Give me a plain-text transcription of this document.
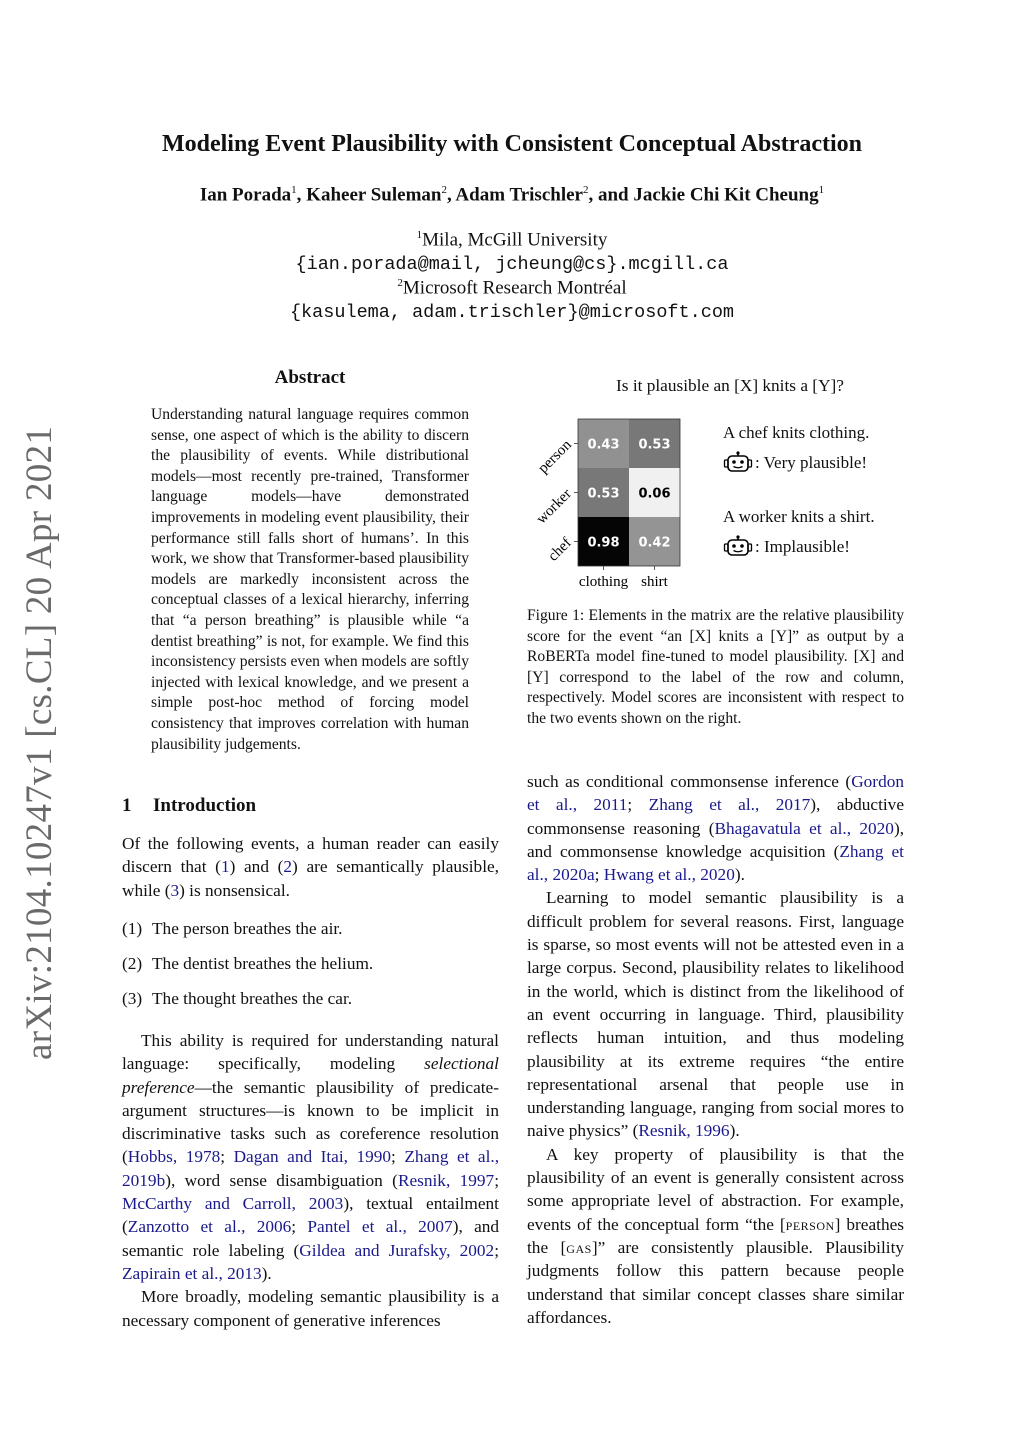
arXiv:2104.10247v1 [cs.CL] 20 Apr 2021
Modeling Event Plausibility with Consistent Conceptual Abstraction
Ian Porada$^1$, Kaheer Suleman$^2$, Adam Trischler$^2$, and Jackie Chi Kit Cheung$^1$
$^1$Mila, McGill University
{ian.porada@mail, jcheung@cs}.mcgill.ca
$^2$Microsoft Research Montréal
{kasulema, adam.trischler}@microsoft.com
Abstract
Understanding natural language requires common sense, one aspect of which is the ability to discern the plausibility of events. While distributional models—most recently pre-trained, Transformer language models—have demonstrated improvements in modeling event plausibility, their performance still falls short of humans’. In this work, we show that Transformer-based plausibility models are markedly inconsistent across the conceptual classes of a lexical hierarchy, inferring that “a person breathing” is plausible while “a dentist breathing” is not, for example. We find this inconsistency persists even when models are softly injected with lexical knowledge, and we present a simple post-hoc method of forcing model consistency that improves correlation with human plausibility judgements.
1 Introduction

Of the following events, a human reader can easily discern that (1) and (2) are semantically plausible, while (3) is nonsensical.

(1) The person breathes the air.
(2) The dentist breathes the helium.
(3) The thought breathes the car.

This ability is required for understanding natural language: specifically, modeling selectional preference—the semantic plausibility of predicate-argument structures—is known to be implicit in discriminative tasks such as coreference resolution (Hobbs, 1978; Dagan and Itai, 1990; Zhang et al., 2019b), word sense disambiguation (Resnik, 1997; McCarthy and Carroll, 2003), textual entailment (Zanzotto et al., 2006; Pantel et al., 2007), and semantic role labeling (Gildea and Jurafsky, 2002; Zapirain et al., 2013).

More broadly, modeling semantic plausibility is a necessary component of generative inferences

Is it plausible an [X] knits a [Y]?
0.43 0.53
0.53 0.06
0.98 0.42
person
worker
chef
clothing shirt
A chef knits clothing.
: Very plausible!
A worker knits a shirt.
: Implausible!
Figure 1: Elements in the matrix are the relative plausibility score for the event “an [X] knits a [Y]” as output by a RoBERTa model fine-tuned to model plausibility. [X] and [Y] correspond to the label of the row and column, respectively. Model scores are inconsistent with respect to the two events shown on the right.

such as conditional commonsense inference (Gordon et al., 2011; Zhang et al., 2017), abductive commonsense reasoning (Bhagavatula et al., 2020), and commonsense knowledge acquisition (Zhang et al., 2020a; Hwang et al., 2020).

Learning to model semantic plausibility is a difficult problem for several reasons. First, language is sparse, so most events will not be attested even in a large corpus. Second, plausibility relates to likelihood in the world, which is distinct from the likelihood of an event occurring in language. Third, plausibility reflects human intuition, and thus modeling plausibility at its extreme requires “the entire representational arsenal that people use in understanding language, ranging from social mores to naive physics” (Resnik, 1996).

A key property of plausibility is that the plausibility of an event is generally consistent across some appropriate level of abstraction. For example, events of the conceptual form “the [person] breathes the [gas]” are consistently plausible. Plausibility judgments follow this pattern because people understand that similar concept classes share similar affordances.
